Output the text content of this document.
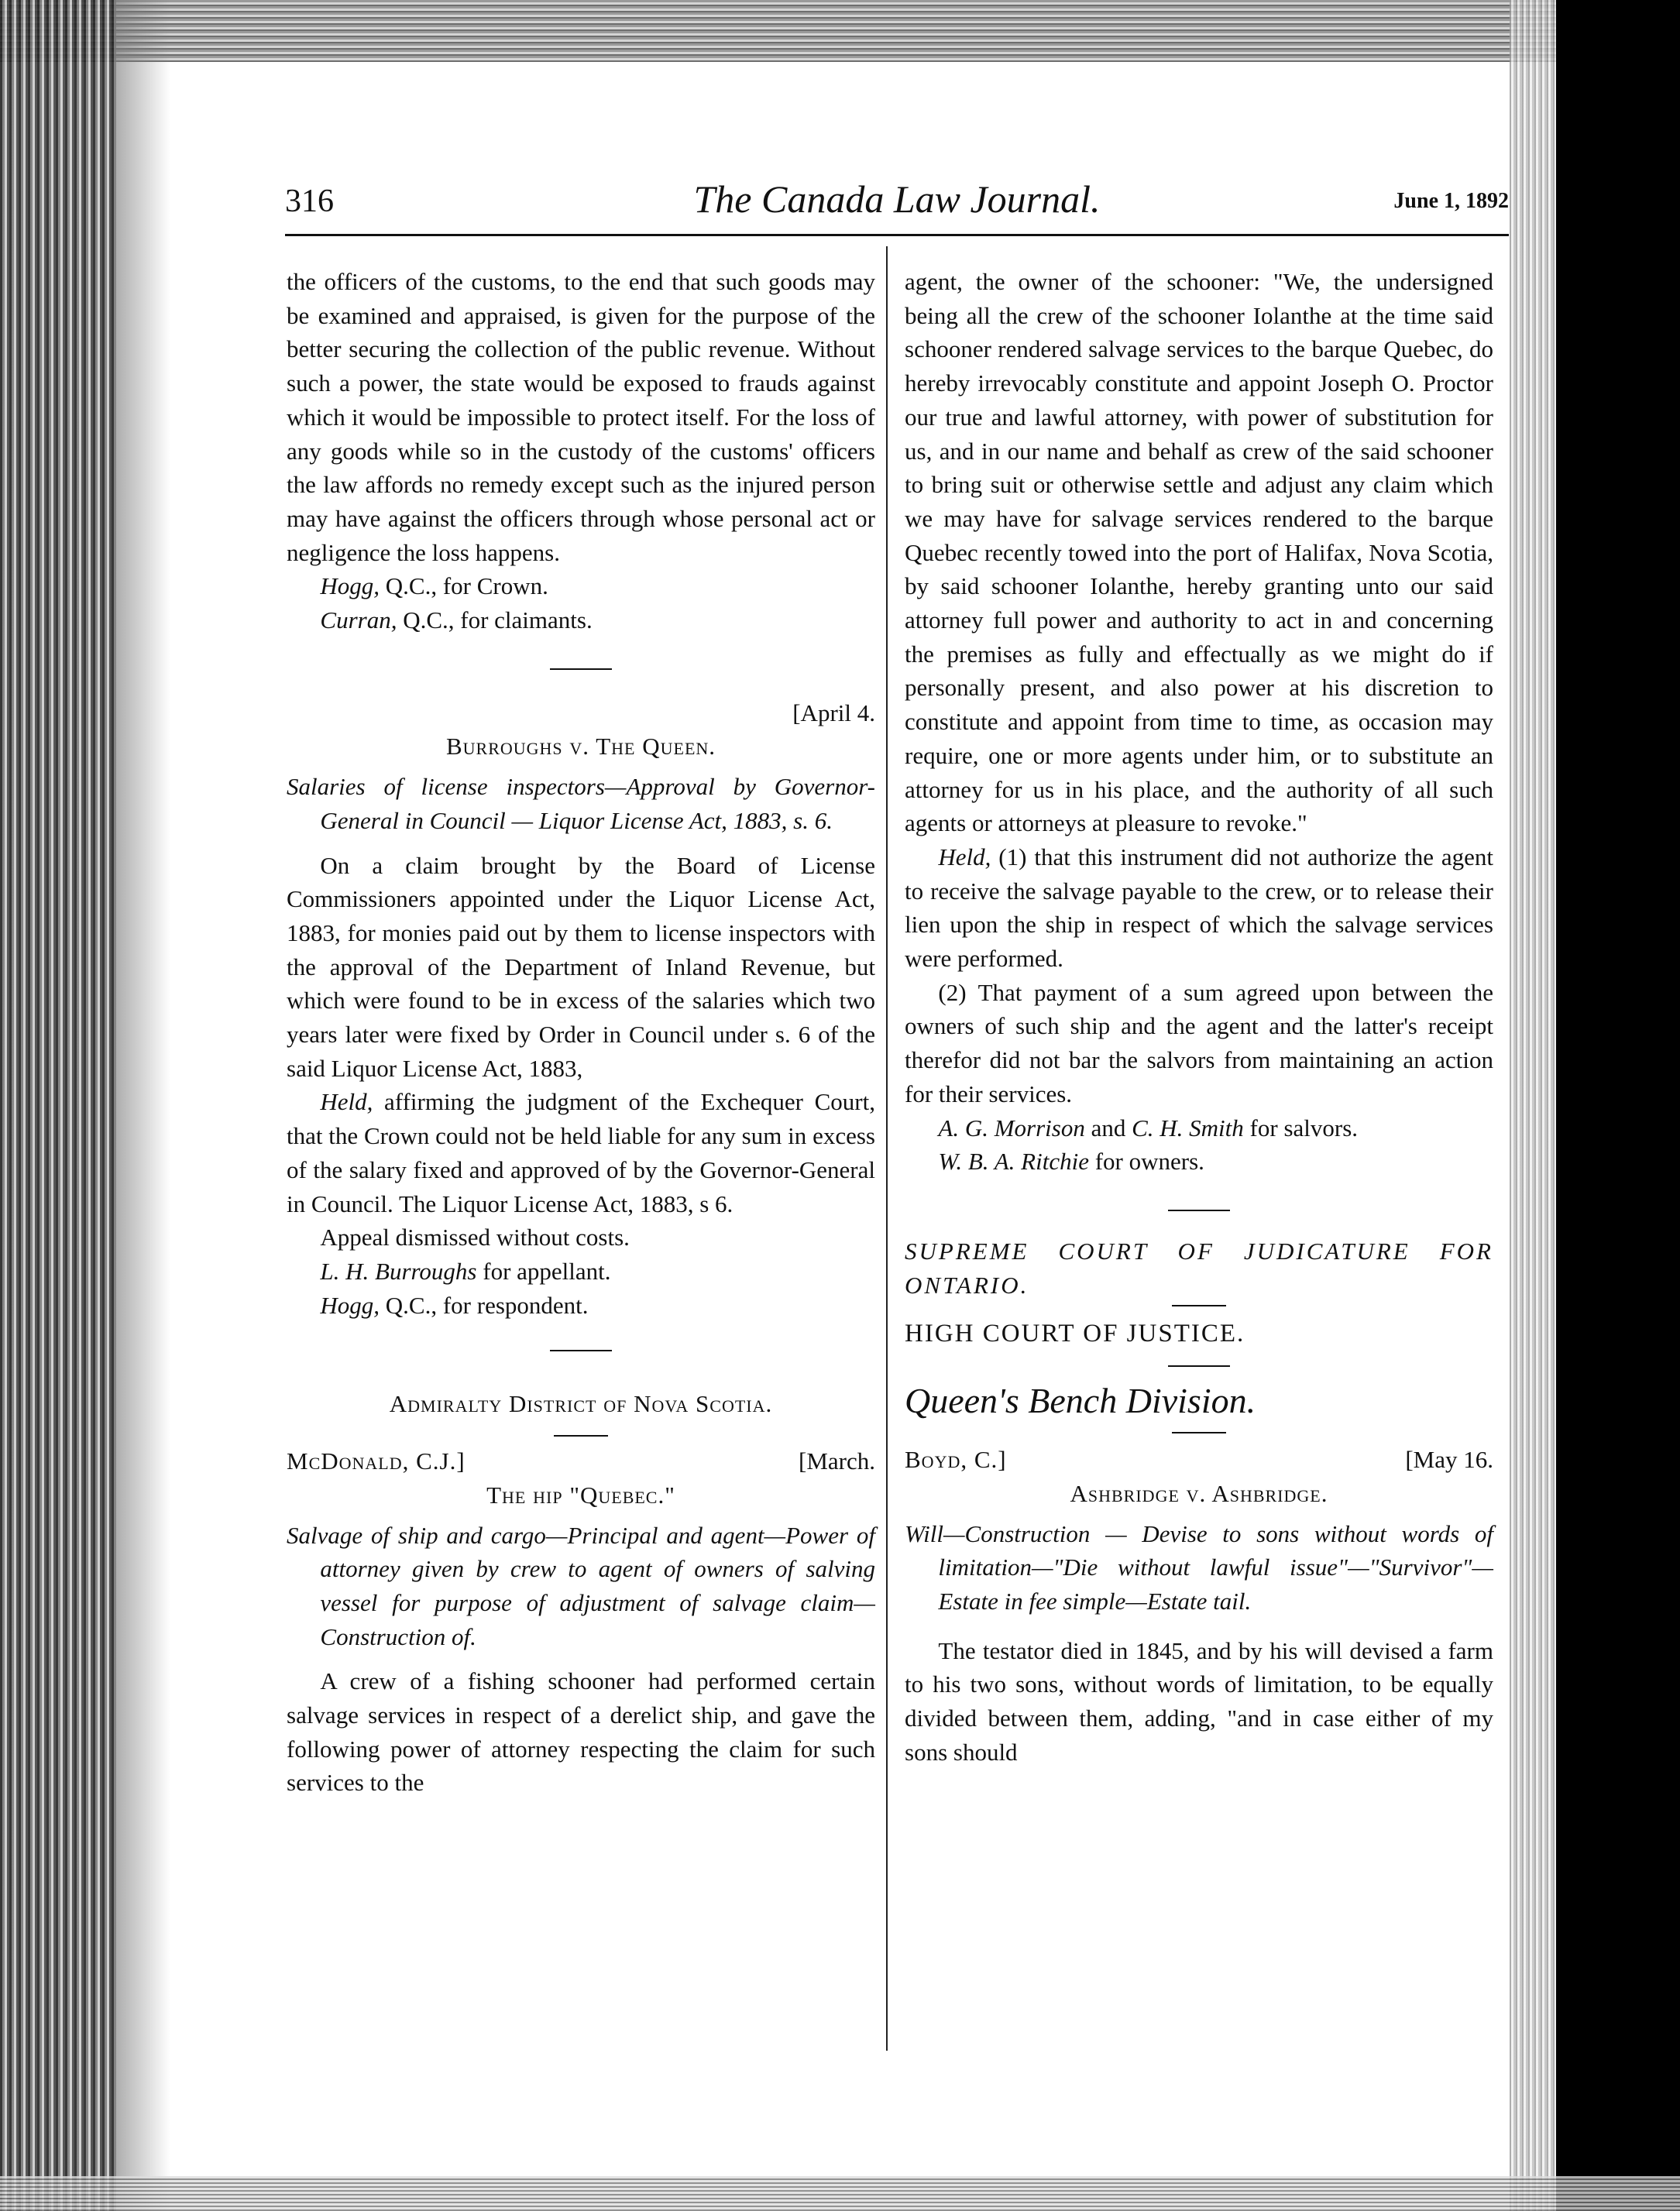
316	The Canada Law Journal.	June 1, 1892

the officers of the customs, to the end that such goods may be examined and appraised, is given for the purpose of the better securing the collection of the public revenue. Without such a power, the state would be exposed to frauds against which it would be impossible to protect itself. For the loss of any goods while so in the custody of the customs' officers the law affords no remedy except such as the injured person may have against the officers through whose personal act or negligence the loss happens.

Hogg, Q.C., for Crown.

Curran, Q.C., for claimants.

[April 4.

Burroughs v. The Queen.

Salaries of license inspectors—Approval by Governor-General in Council — Liquor License Act, 1883, s. 6.

On a claim brought by the Board of License Commissioners appointed under the Liquor License Act, 1883, for monies paid out by them to license inspectors with the approval of the Department of Inland Revenue, but which were found to be in excess of the salaries which two years later were fixed by Order in Council under s. 6 of the said Liquor License Act, 1883,

Held, affirming the judgment of the Exchequer Court, that the Crown could not be held liable for any sum in excess of the salary fixed and approved of by the Governor-General in Council. The Liquor License Act, 1883, s 6.

Appeal dismissed without costs.

L. H. Burroughs for appellant.

Hogg, Q.C., for respondent.

Admiralty District of Nova Scotia.

McDonald, C.J.]	[March.

The hip "Quebec."

Salvage of ship and cargo—Principal and agent—Power of attorney given by crew to agent of owners of salving vessel for purpose of adjustment of salvage claim—Construction of.

A crew of a fishing schooner had performed certain salvage services in respect of a derelict ship, and gave the following power of attorney respecting the claim for such services to the

agent, the owner of the schooner: "We, the undersigned being all the crew of the schooner Iolanthe at the time said schooner rendered salvage services to the barque Quebec, do hereby irrevocably constitute and appoint Joseph O. Proctor our true and lawful attorney, with power of substitution for us, and in our name and behalf as crew of the said schooner to bring suit or otherwise settle and adjust any claim which we may have for salvage services rendered to the barque Quebec recently towed into the port of Halifax, Nova Scotia, by said schooner Iolanthe, hereby granting unto our said attorney full power and authority to act in and concerning the premises as fully and effectually as we might do if personally present, and also power at his discretion to constitute and appoint from time to time, as occasion may require, one or more agents under him, or to substitute an attorney for us in his place, and the authority of all such agents or attorneys at pleasure to revoke."

Held, (1) that this instrument did not authorize the agent to receive the salvage payable to the crew, or to release their lien upon the ship in respect of which the salvage services were performed.

(2) That payment of a sum agreed upon between the owners of such ship and the agent and the latter's receipt therefor did not bar the salvors from maintaining an action for their services.

A. G. Morrison and C. H. Smith for salvors.

W. B. A. Ritchie for owners.

SUPREME COURT OF JUDICATURE FOR ONTARIO.

HIGH COURT OF JUSTICE.

Queen's Bench Division.

Boyd, C.]	[May 16.

Ashbridge v. Ashbridge.

Will—Construction — Devise to sons without words of limitation—"Die without lawful issue"—"Survivor"—Estate in fee simple—Estate tail.

The testator died in 1845, and by his will devised a farm to his two sons, without words of limitation, to be equally divided between them, adding, "and in case either of my sons should
